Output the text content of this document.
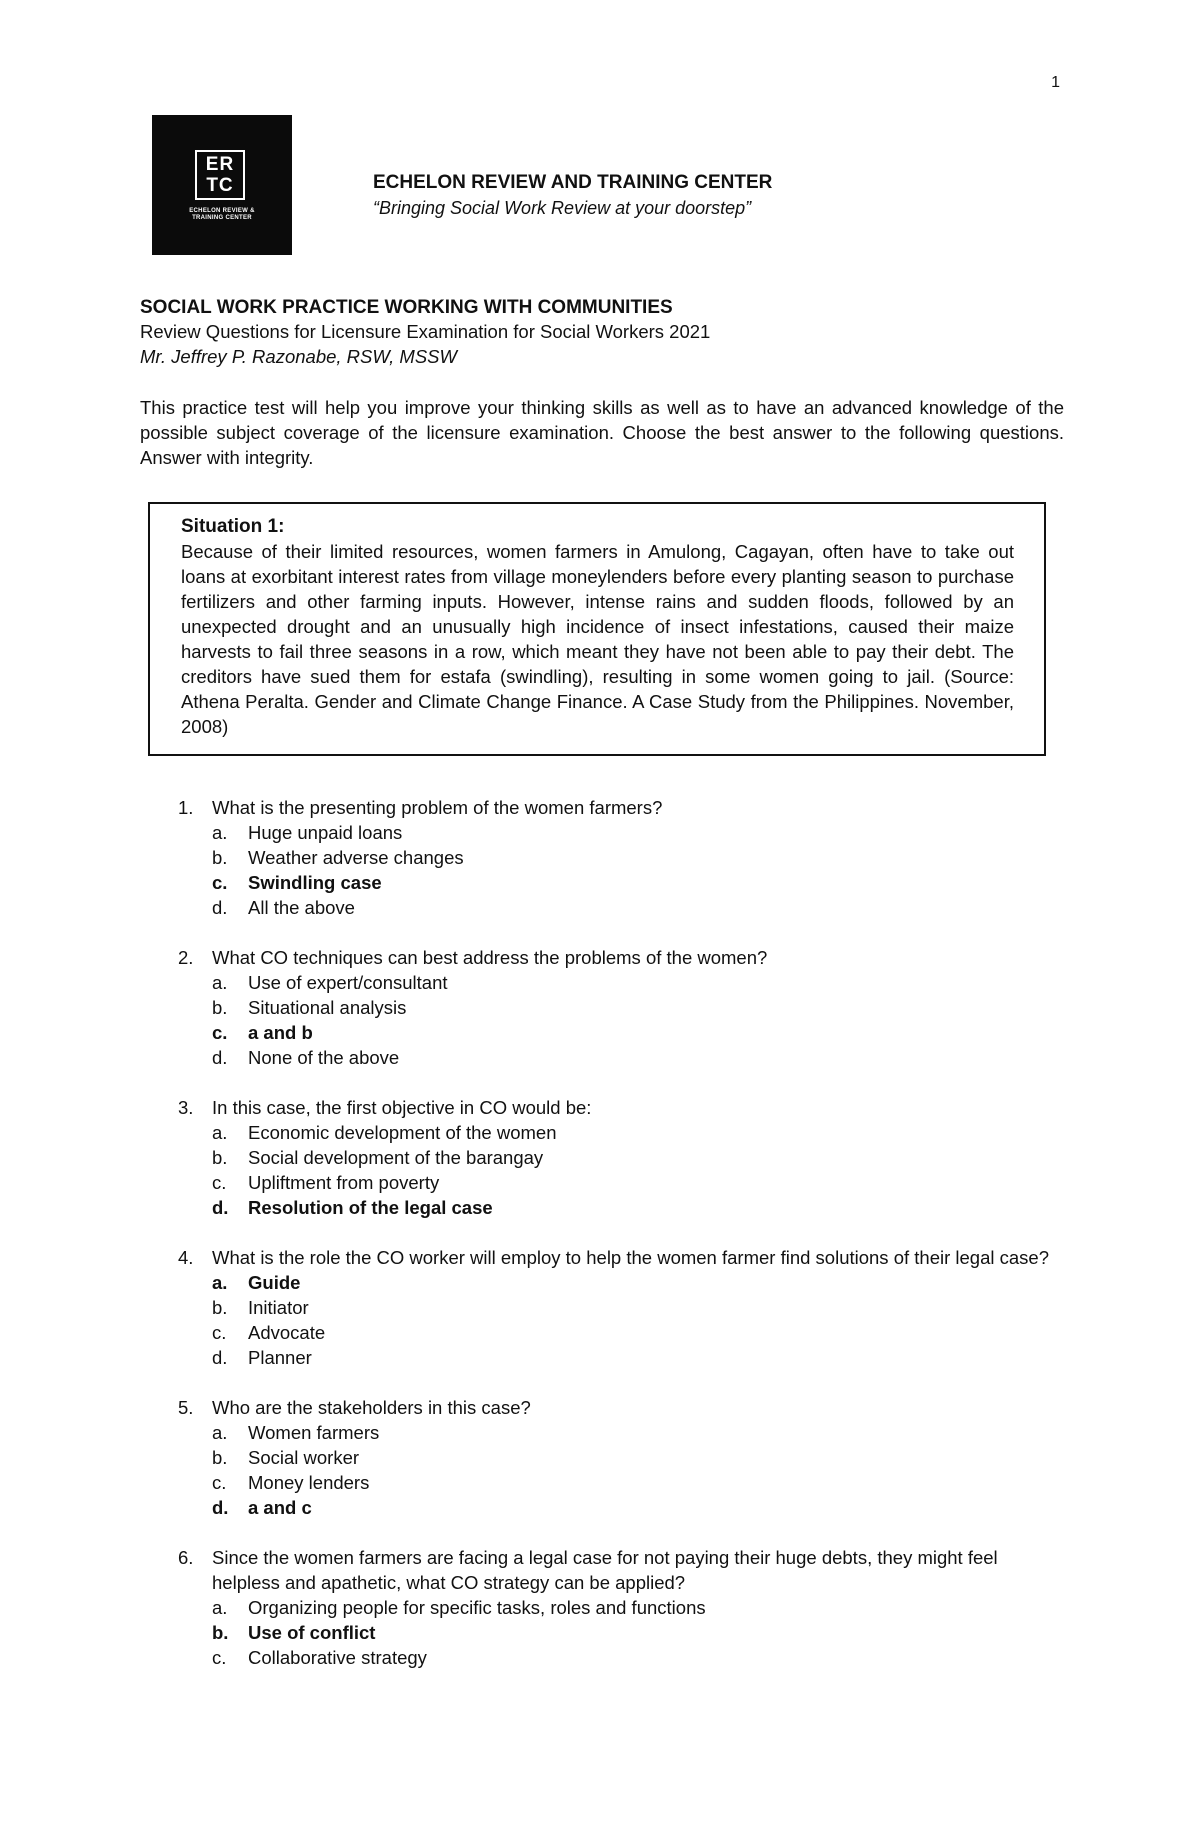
1
ER
TC
ECHELON REVIEW &
TRAINING CENTER
ECHELON REVIEW AND TRAINING CENTER
“Bringing Social Work Review at your doorstep”
SOCIAL WORK PRACTICE WORKING WITH COMMUNITIES
Review Questions for Licensure Examination for Social Workers 2021
Mr. Jeffrey P. Razonabe, RSW, MSSW

This practice test will help you improve your thinking skills as well as to have an advanced knowledge of the possible subject coverage of the licensure examination. Choose the best answer to the following questions. Answer with integrity.

Situation 1:

Because of their limited resources, women farmers in Amulong, Cagayan, often have to take out loans at exorbitant interest rates from village moneylenders before every planting season to purchase fertilizers and other farming inputs. However, intense rains and sudden floods, followed by an unexpected drought and an unusually high incidence of insect infestations, caused their maize harvests to fail three seasons in a row, which meant they have not been able to pay their debt. The creditors have sued them for estafa (swindling), resulting in some women going to jail. (Source: Athena Peralta. Gender and Climate Change Finance. A Case Study from the Philippines. November, 2008)

1.	What is the presenting problem of the women farmers?
a.	Huge unpaid loans
b.	Weather adverse changes
c.	Swindling case
d.	All the above
2.	What CO techniques can best address the problems of the women?
a.	Use of expert/consultant
b.	Situational analysis
c.	a and b
d.	None of the above
3.	In this case, the first objective in CO would be:
a.	Economic development of the women
b.	Social development of the barangay
c.	Upliftment from poverty
d.	Resolution of the legal case
4.	What is the role the CO worker will employ to help the women farmer find solutions of their legal case?
a.	Guide
b.	Initiator
c.	Advocate
d.	Planner
5.	Who are the stakeholders in this case?
a.	Women farmers
b.	Social worker
c.	Money lenders
d.	a and c
6.	Since the women farmers are facing a legal case for not paying their huge debts, they might feel helpless and apathetic, what CO strategy can be applied?
a.	Organizing people for specific tasks, roles and functions
b.	Use of conflict
c.	Collaborative strategy
